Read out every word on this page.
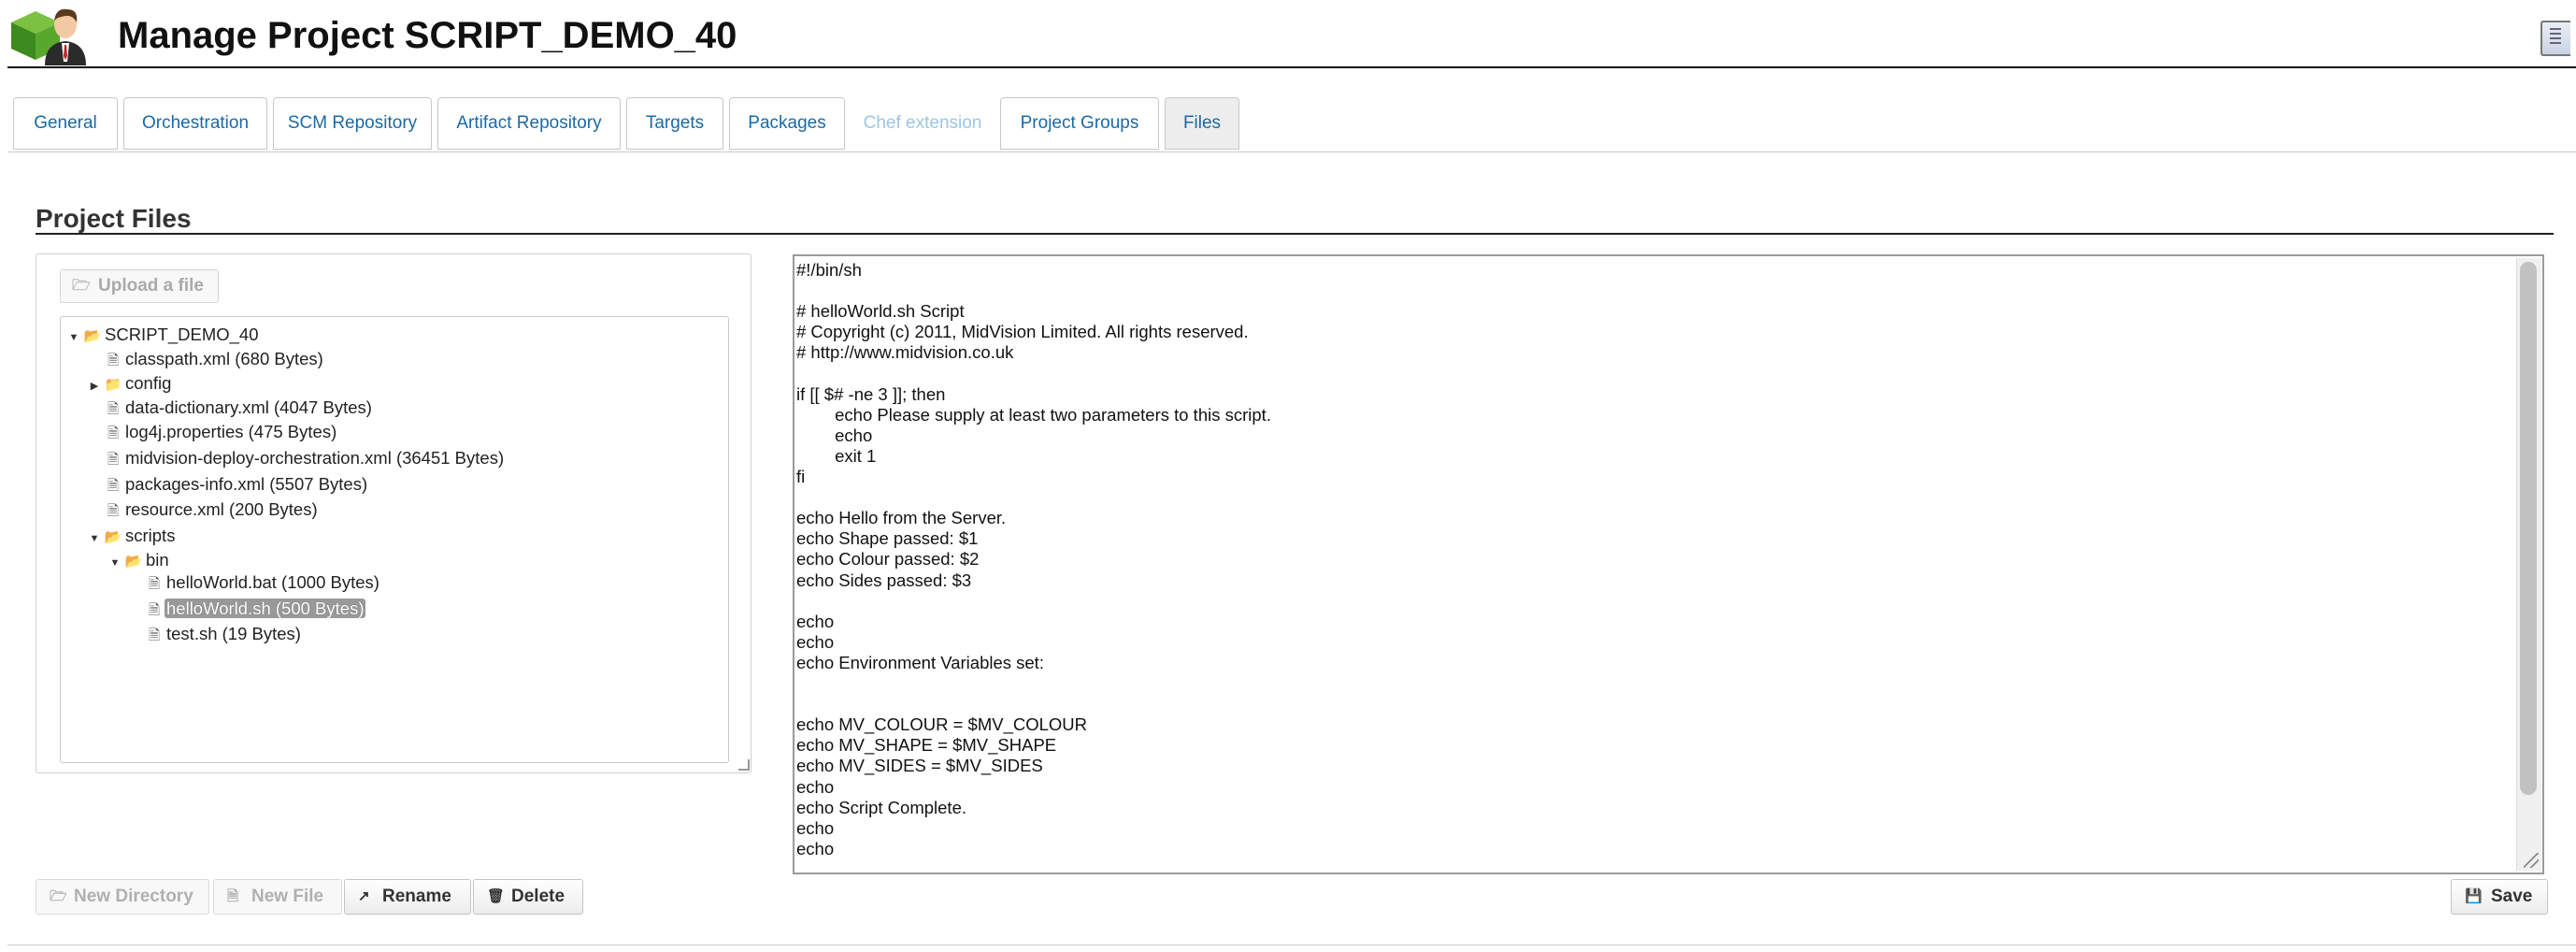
Manage Project SCRIPT_DEMO_40
General	Orchestration	SCM Repository	Artifact Repository	Targets	Packages	Chef extension	Project Groups	Files
Project Files
🗁 Upload a file
▼ 📂 SCRIPT_DEMO_40
🗎 classpath.xml (680 Bytes)
▶ 📁 config
🗎 data-dictionary.xml (4047 Bytes)
🗎 log4j.properties (475 Bytes)
🗎 midvision-deploy-orchestration.xml (36451 Bytes)
🗎 packages-info.xml (5507 Bytes)
🗎 resource.xml (200 Bytes)
▼ 📂 scripts
▼ 📂 bin
🗎 helloWorld.bat (1000 Bytes)
🗎 helloWorld.sh (500 Bytes)
🗎 test.sh (19 Bytes)
#!/bin/sh
# helloWorld.sh Script
# Copyright (c) 2011, MidVision Limited. All rights reserved.
# http://www.midvision.co.uk
if [[ $# -ne 3 ]]; then
echo Please supply at least two parameters to this script.
echo
exit 1
fi
echo Hello from the Server.
echo Shape passed: $1
echo Colour passed: $2
echo Sides passed: $3
echo
echo
echo Environment Variables set:
echo MV_COLOUR = $MV_COLOUR
echo MV_SHAPE = $MV_SHAPE
echo MV_SIDES = $MV_SIDES
echo
echo Script Complete.
echo
echo
🗁 New Directory 🗎 New File ↗ Rename	🗑 Delete	💾 Save
